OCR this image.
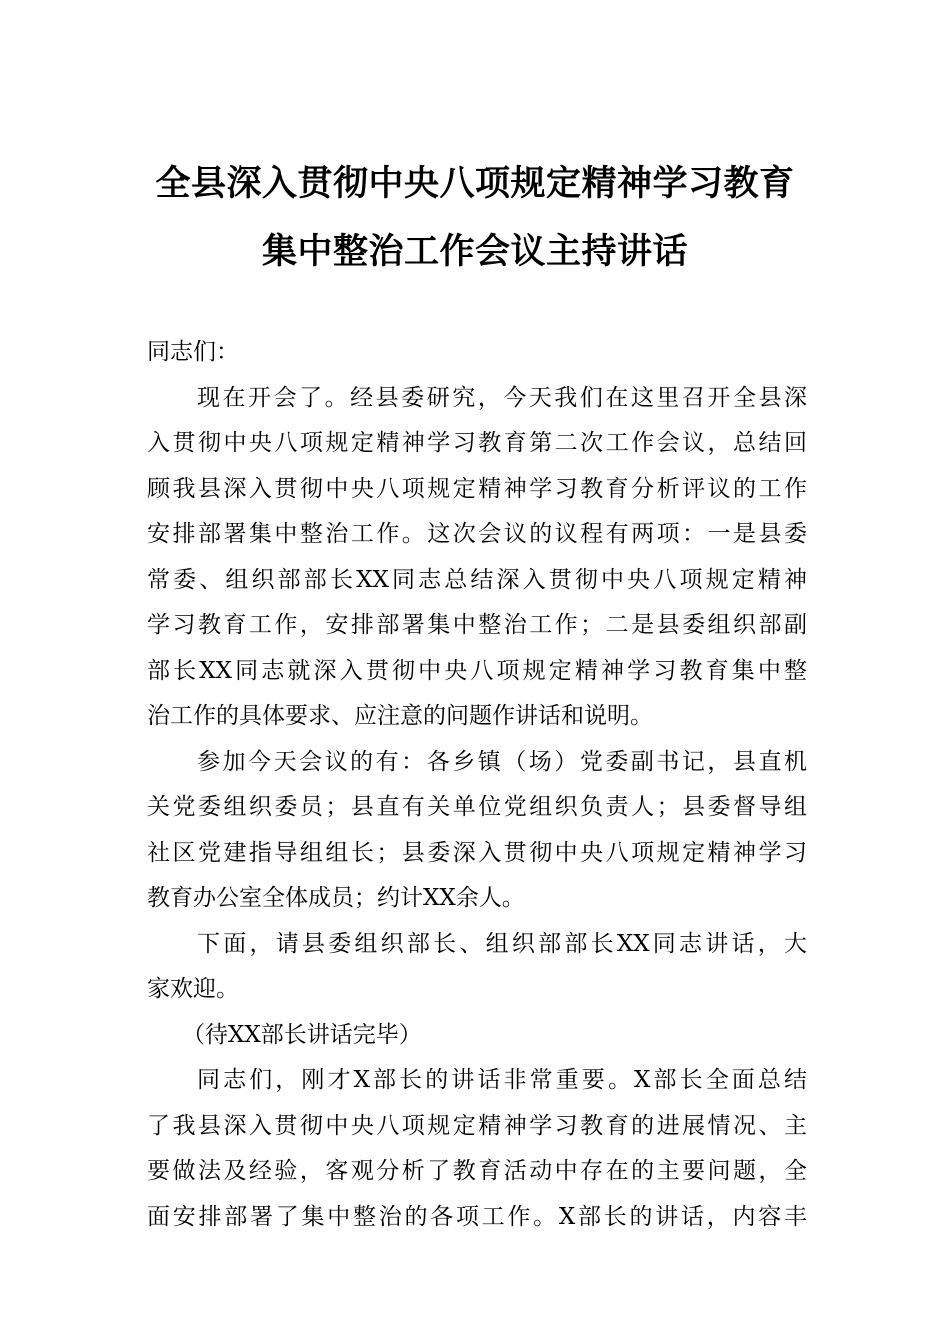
全县深入贯彻中央八项规定精神学习教育
集中整治工作会议主持讲话
同志们：
现在开会了。经县委研究，今天我们在这里召开全县深
入贯彻中央八项规定精神学习教育第二次工作会议，总结回
顾我县深入贯彻中央八项规定精神学习教育分析评议的工作
安排部署集中整治工作。这次会议的议程有两项：一是县委
常委、组织部部长XX同志总结深入贯彻中央八项规定精神
学习教育工作，安排部署集中整治工作；二是县委组织部副
部长XX同志就深入贯彻中央八项规定精神学习教育集中整
治工作的具体要求、应注意的问题作讲话和说明。
参加今天会议的有：各乡镇（场）党委副书记，县直机
关党委组织委员；县直有关单位党组织负责人；县委督导组
社区党建指导组组长；县委深入贯彻中央八项规定精神学习
教育办公室全体成员；约计XX余人。
下面，请县委组织部长、组织部部长XX同志讲话，大
家欢迎。
（待XX部长讲话完毕）
同志们，刚才X部长的讲话非常重要。X部长全面总结
了我县深入贯彻中央八项规定精神学习教育的进展情况、主
要做法及经验，客观分析了教育活动中存在的主要问题，全
面安排部署了集中整治的各项工作。X部长的讲话，内容丰
